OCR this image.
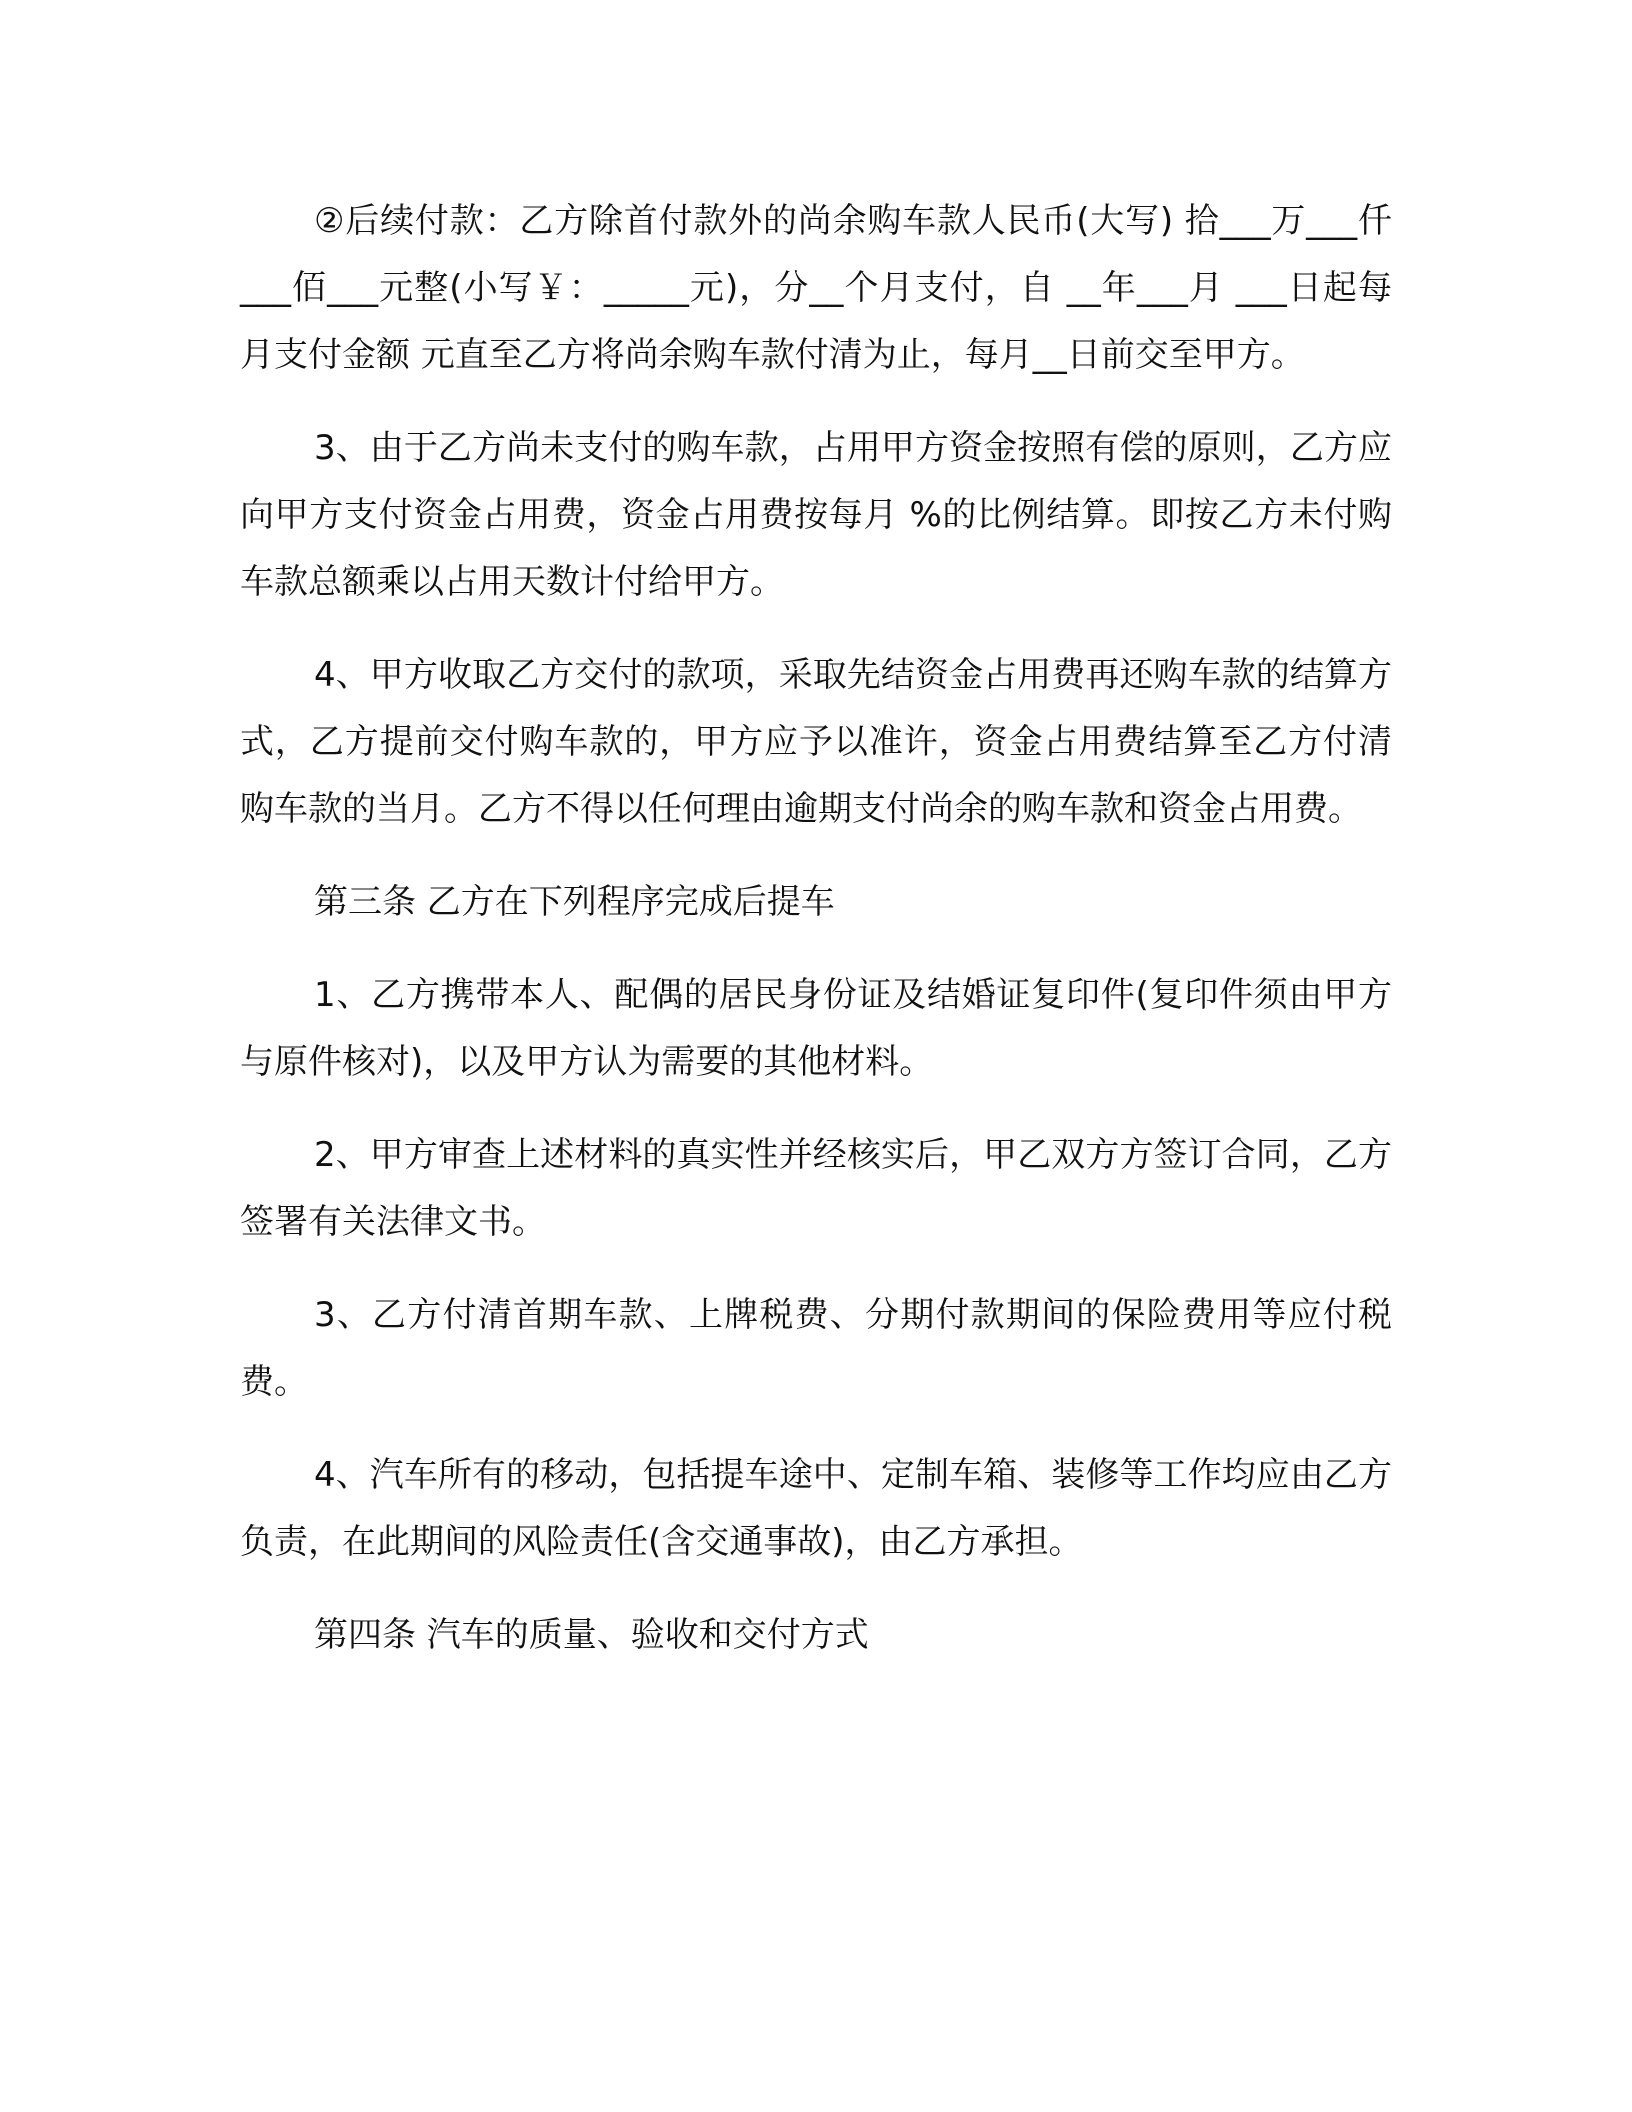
②后续付款：乙方除首付款外的尚余购车款人民币(大写) 拾___万___仟___佰___元整(小写￥：_____元)，分__个月支付，自 __年___月 ___日起每月支付金额 元直至乙方将尚余购车款付清为止，每月__日前交至甲方。

3、由于乙方尚未支付的购车款，占用甲方资金按照有偿的原则，乙方应向甲方支付资金占用费，资金占用费按每月 %的比例结算。即按乙方未付购车款总额乘以占用天数计付给甲方。

4、甲方收取乙方交付的款项，采取先结资金占用费再还购车款的结算方式，乙方提前交付购车款的，甲方应予以准许，资金占用费结算至乙方付清购车款的当月。乙方不得以任何理由逾期支付尚余的购车款和资金占用费。

第三条 乙方在下列程序完成后提车

1、乙方携带本人、配偶的居民身份证及结婚证复印件(复印件须由甲方与原件核对)，以及甲方认为需要的其他材料。

2、甲方审查上述材料的真实性并经核实后，甲乙双方方签订合同，乙方签署有关法律文书。

3、乙方付清首期车款、上牌税费、分期付款期间的保险费用等应付税费。

4、汽车所有的移动，包括提车途中、定制车箱、装修等工作均应由乙方负责，在此期间的风险责任(含交通事故)，由乙方承担。

第四条 汽车的质量、验收和交付方式
